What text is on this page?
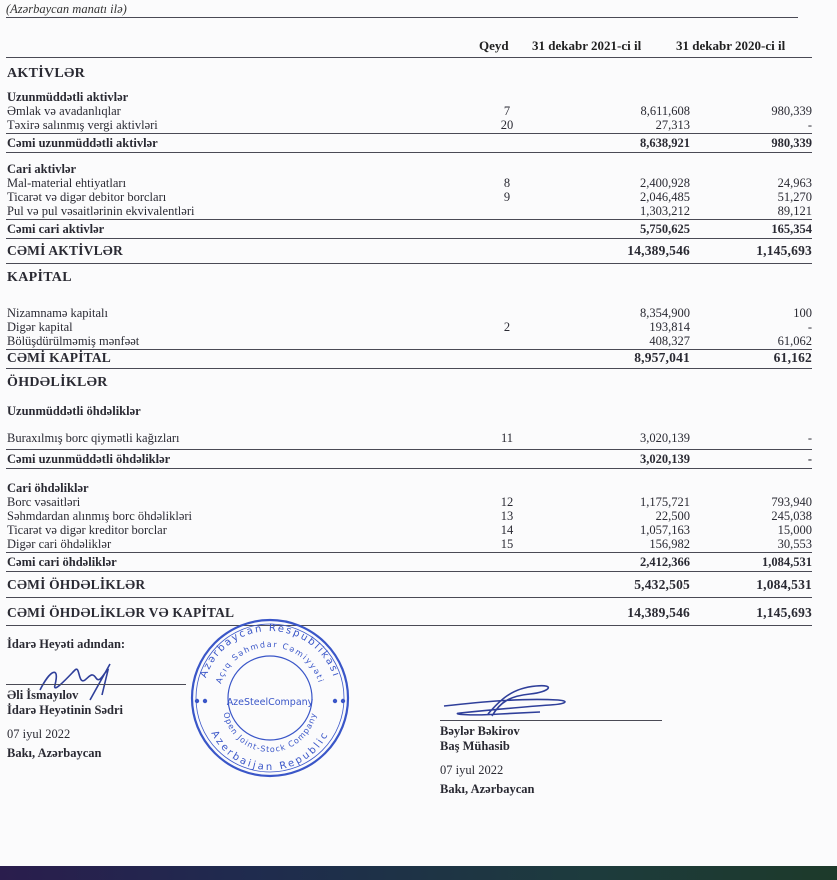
(Azərbaycan manatı ilə)
Qeyd 31 dekabr 2021-ci il	31 dekabr 2020-ci il
AKTİVLƏR
Uzunmüddətli aktivlər
Əmlak və avadanlıqlar	7	8,611,608	980,339
Təxirə salınmış vergi aktivləri	20	27,313	-
Cəmi uzunmüddətli aktivlər	8,638,921	980,339
Cari aktivlər
Mal-material ehtiyatları	8	2,400,928	24,963
Ticarət və digər debitor borcları	9	2,046,485	51,270
Pul və pul vəsaitlərinin ekvivalentləri	1,303,212	89,121
Cəmi cari aktivlər	5,750,625	165,354
CƏMİ AKTİVLƏR	14,389,546	1,145,693
KAPİTAL
Nizamnamə kapitalı	8,354,900	100
Digər kapital	2	193,814	-
Bölüşdürülməmiş mənfəət	408,327	61,062
CƏMİ KAPİTAL	8,957,041	61,162
ÖHDƏLİKLƏR
Uzunmüddətli öhdəliklər
Buraxılmış borc qiymətli kağızları	11	3,020,139	-
Cəmi uzunmüddətli öhdəliklər	3,020,139	-
Cari öhdəliklər
Borc vəsaitləri	12	1,175,721	793,940
Səhmdardan alınmış borc öhdəlikləri	13	22,500	245,038
Ticarət və digər kreditor borclar	14	1,057,163	15,000
Digər cari öhdəliklər	15	156,982	30,553
Cəmi cari öhdəliklər	2,412,366	1,084,531
CƏMİ ÖHDƏLİKLƏR	5,432,505	1,084,531
CƏMİ ÖHDƏLİKLƏR VƏ KAPİTAL	14,389,546	1,145,693
İdarə Heyəti adından:
Əli İsmayılov
İdarə Heyətinin Sədri
07 iyul 2022
Bakı, Azərbaycan
Azərbaycan Respublikası
Açıq Səhmdar Cəmiyyəti
Azerbaijan Republic
Open Joint-Stock Company
AzeSteelCompany
Bəylər Bəkirov
Baş Mühasib
07 iyul 2022
Bakı, Azərbaycan
